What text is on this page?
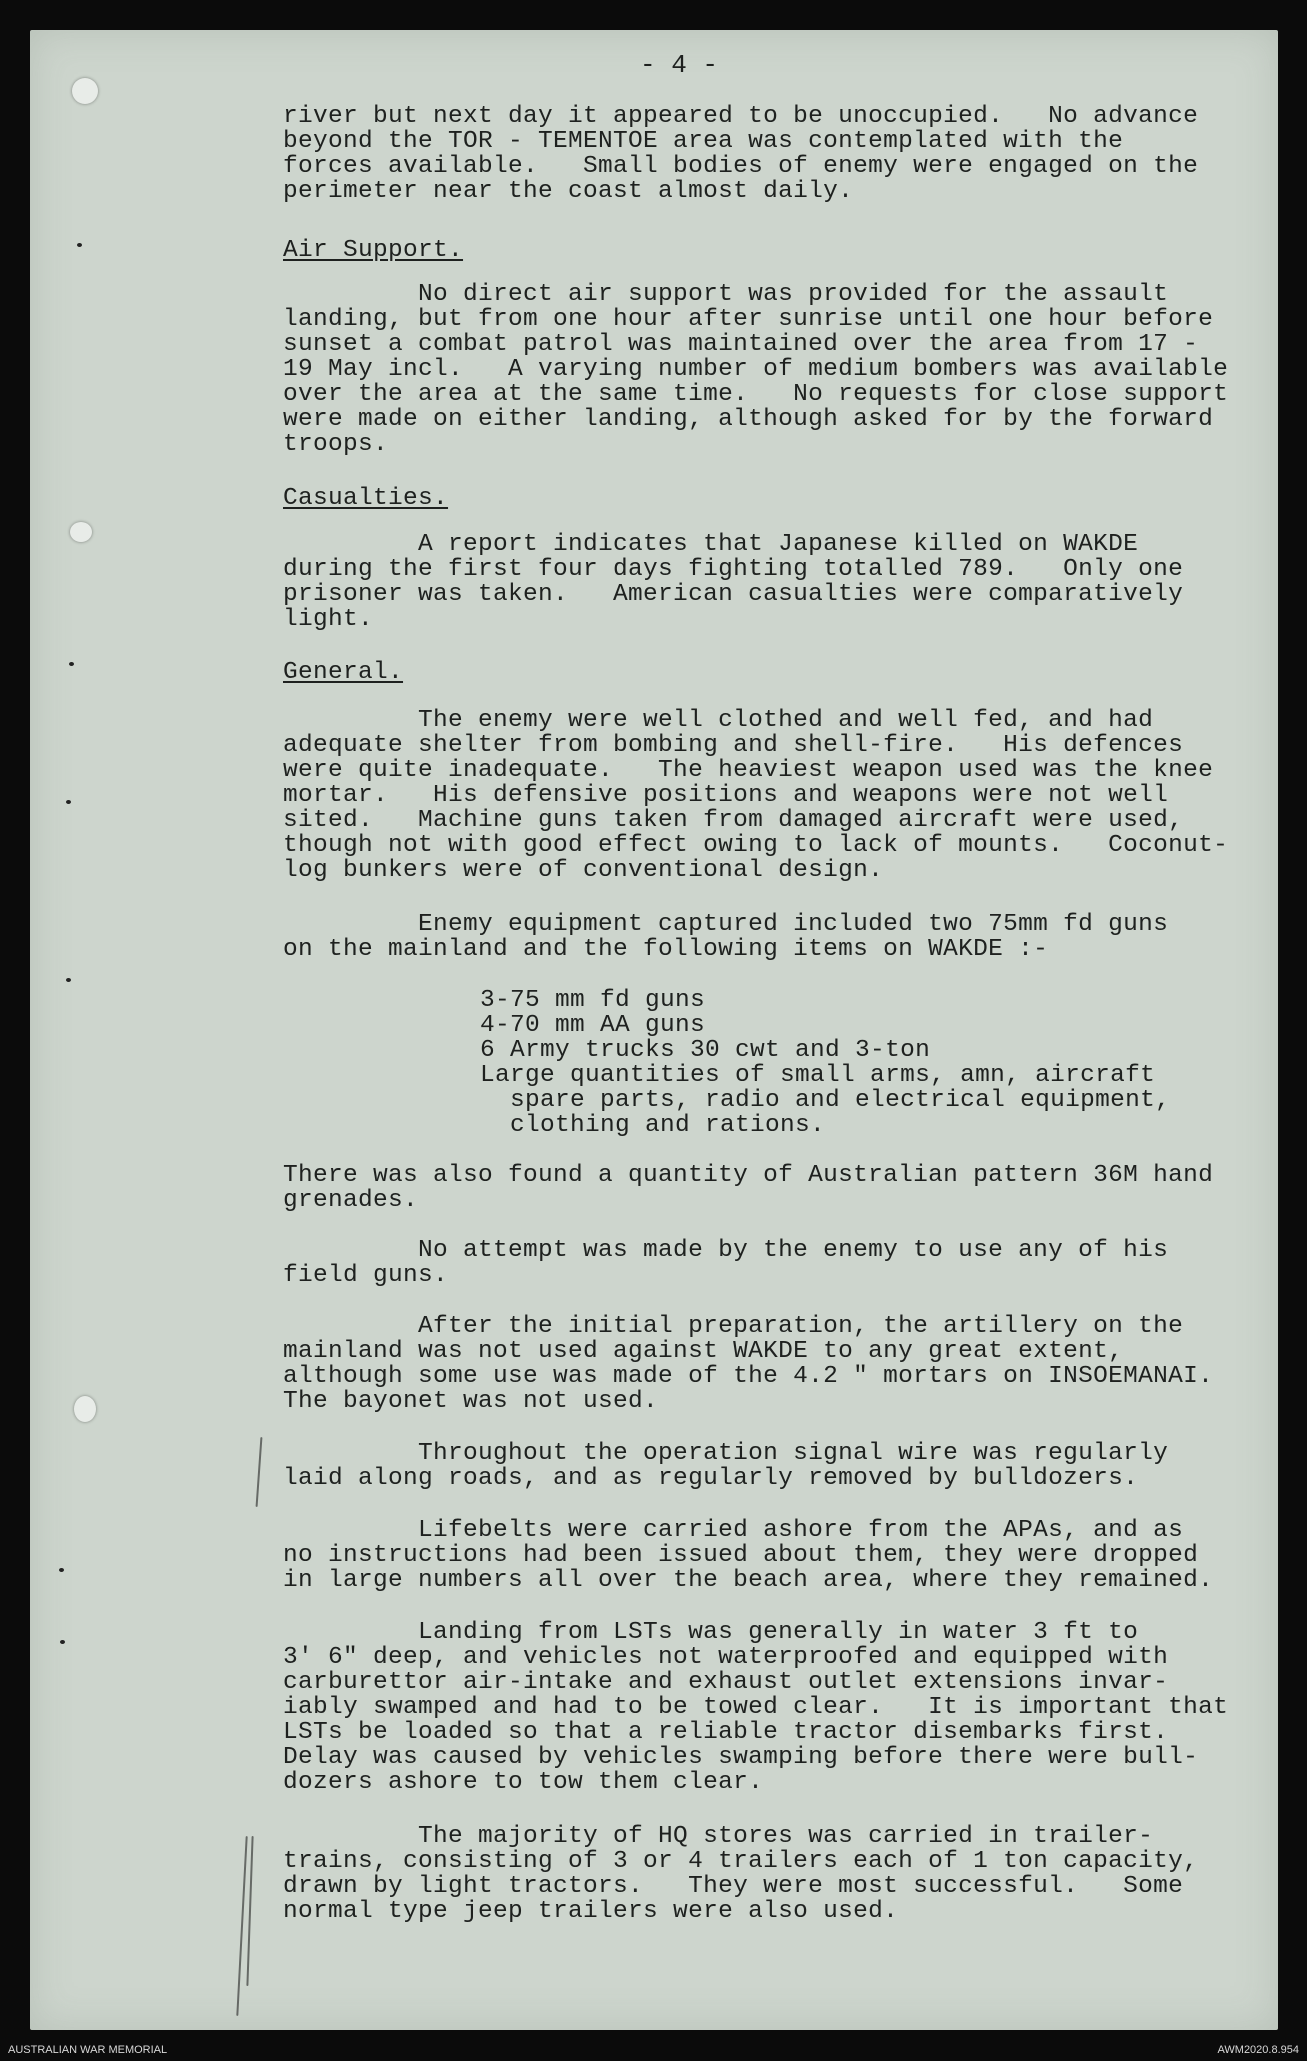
- 4 -
river but next day it appeared to be unoccupied.   No advance
beyond the TOR - TEMENTOE area was contemplated with the
forces available.   Small bodies of enemy were engaged on the
perimeter near the coast almost daily.
Air Support.
No direct air support was provided for the assault
landing, but from one hour after sunrise until one hour before
sunset a combat patrol was maintained over the area from 17 -
19 May incl.   A varying number of medium bombers was available
over the area at the same time.   No requests for close support
were made on either landing, although asked for by the forward
troops.
Casualties.
A report indicates that Japanese killed on WAKDE
during the first four days fighting totalled 789.   Only one
prisoner was taken.   American casualties were comparatively
light.
General.
The enemy were well clothed and well fed, and had
adequate shelter from bombing and shell-fire.   His defences
were quite inadequate.   The heaviest weapon used was the knee
mortar.   His defensive positions and weapons were not well
sited.   Machine guns taken from damaged aircraft were used,
though not with good effect owing to lack of mounts.   Coconut-
log bunkers were of conventional design.
Enemy equipment captured included two 75mm fd guns
on the mainland and the following items on WAKDE :-
3-75 mm fd guns
4-70 mm AA guns
6 Army trucks 30 cwt and 3-ton
Large quantities of small arms, amn, aircraft
spare parts, radio and electrical equipment,
clothing and rations.
There was also found a quantity of Australian pattern 36M hand
grenades.
No attempt was made by the enemy to use any of his
field guns.
After the initial preparation, the artillery on the
mainland was not used against WAKDE to any great extent,
although some use was made of the 4.2 " mortars on INSOEMANAI.
The bayonet was not used.
Throughout the operation signal wire was regularly
laid along roads, and as regularly removed by bulldozers.
Lifebelts were carried ashore from the APAs, and as
no instructions had been issued about them, they were dropped
in large numbers all over the beach area, where they remained.
Landing from LSTs was generally in water 3 ft to
3' 6" deep, and vehicles not waterproofed and equipped with
carburettor air-intake and exhaust outlet extensions invar-
iably swamped and had to be towed clear.   It is important that
LSTs be loaded so that a reliable tractor disembarks first.
Delay was caused by vehicles swamping before there were bull-
dozers ashore to tow them clear.
The majority of HQ stores was carried in trailer-
trains, consisting of 3 or 4 trailers each of 1 ton capacity,
drawn by light tractors.   They were most successful.   Some
normal type jeep trailers were also used.
AUSTRALIAN WAR MEMORIAL	AWM2020.8.954
